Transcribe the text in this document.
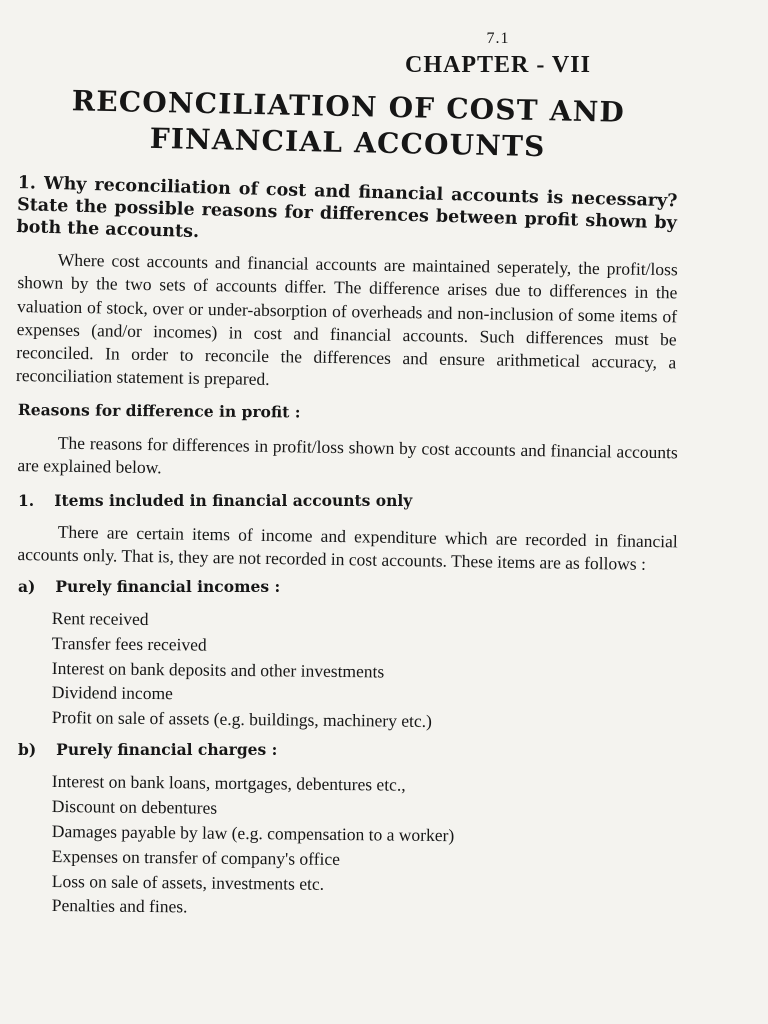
7.1
CHAPTER - VII
RECONCILIATION OF COST AND
FINANCIAL ACCOUNTS
1. Why reconciliation of cost and financial accounts is necessary? State the possible reasons for differences between profit shown by both the accounts.

Where cost accounts and financial accounts are maintained seperately, the profit/loss shown by the two sets of accounts differ. The difference arises due to differences in the valuation of stock, over or under-absorption of overheads and non-inclusion of some items of expenses (and/or incomes) in cost and financial accounts. Such differences must be reconciled. In order to reconcile the differences and ensure arithmetical accuracy, a reconciliation statement is prepared.

Reasons for difference in profit :

The reasons for differences in profit/loss shown by cost accounts and financial accounts are explained below.

1. Items included in financial accounts only

There are certain items of income and expenditure which are recorded in financial accounts only. That is, they are not recorded in cost accounts. These items are as follows :

a) Purely financial incomes :
Rent received
Transfer fees received
Interest on bank deposits and other investments
Dividend income
Profit on sale of assets (e.g. buildings, machinery etc.)
b) Purely financial charges :
Interest on bank loans, mortgages, debentures etc.,
Discount on debentures
Damages payable by law (e.g. compensation to a worker)
Expenses on transfer of company's office
Loss on sale of assets, investments etc.
Penalties and fines.
